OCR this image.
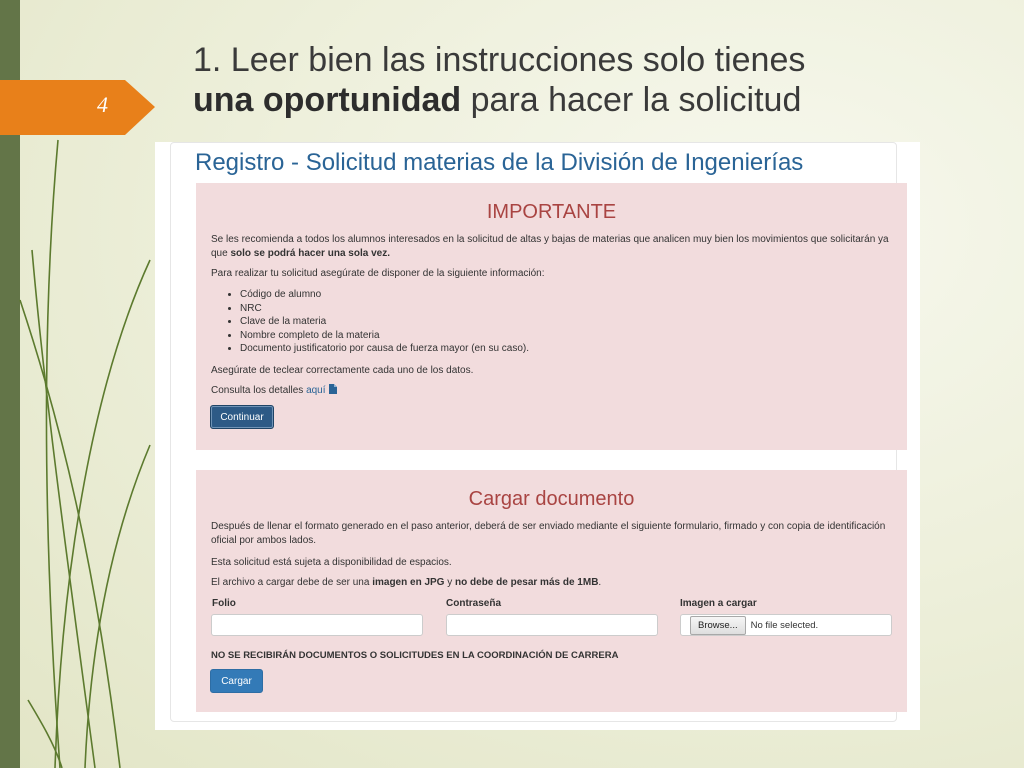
4
1. Leer bien las instrucciones solo tienes
una oportunidad para hacer la solicitud
Registro - Solicitud materias de la División de Ingenierías
IMPORTANTE
Se les recomienda a todos los alumnos interesados en la solicitud de altas y bajas de materias que analicen muy bien los movimientos que solicitarán ya que solo se podrá hacer una sola vez.
Para realizar tu solicitud asegúrate de disponer de la siguiente información:
• Código de alumno
• NRC
• Clave de la materia
• Nombre completo de la materia
• Documento justificatorio por causa de fuerza mayor (en su caso).
Asegúrate de teclear correctamente cada uno de los datos.
Consulta los detalles aquí
Continuar
Cargar documento
Después de llenar el formato generado en el paso anterior, deberá de ser enviado mediante el siguiente formulario, firmado y con copia de identificación oficial por ambos lados.
Esta solicitud está sujeta a disponibilidad de espacios.
El archivo a cargar debe de ser una imagen en JPG y no debe de pesar más de 1MB.
Folio	Contraseña	Imagen a cargar
Browse...	No file selected.
NO SE RECIBIRÁN DOCUMENTOS O SOLICITUDES EN LA COORDINACIÓN DE CARRERA
Cargar
